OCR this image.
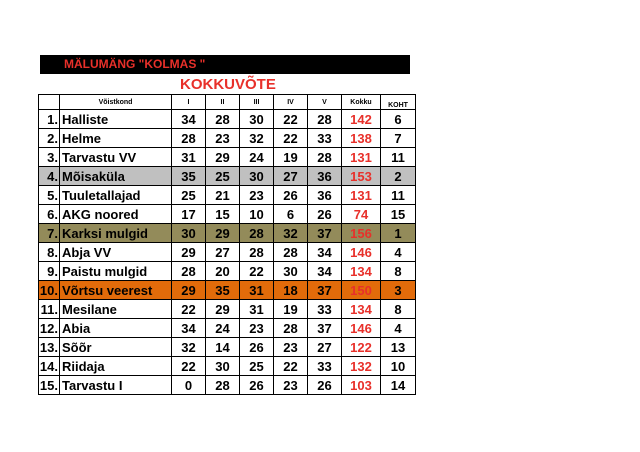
MÄLUMÄNG "KOLMAS "
KOKKUVÕTE
	Võistkond	I	II	III	IV	V	Kokku	KOHT
1.	Halliste	34	28	30	22	28	142	6
2.	Helme	28	23	32	22	33	138	7
3.	Tarvastu VV	31	29	24	19	28	131	11
4.	Mõisaküla	35	25	30	27	36	153	2
5.	Tuuletallajad	25	21	23	26	36	131	11
6.	AKG noored	17	15	10	6	26	74	15
7.	Karksi mulgid	30	29	28	32	37	156	1
8.	Abja VV	29	27	28	28	34	146	4
9.	Paistu mulgid	28	20	22	30	34	134	8
10.	Võrtsu veerest	29	35	31	18	37	150	3
11.	Mesilane	22	29	31	19	33	134	8
12.	Abia	34	24	23	28	37	146	4
13.	Sõõr	32	14	26	23	27	122	13
14.	Riidaja	22	30	25	22	33	132	10
15.	Tarvastu I	0	28	26	23	26	103	14
